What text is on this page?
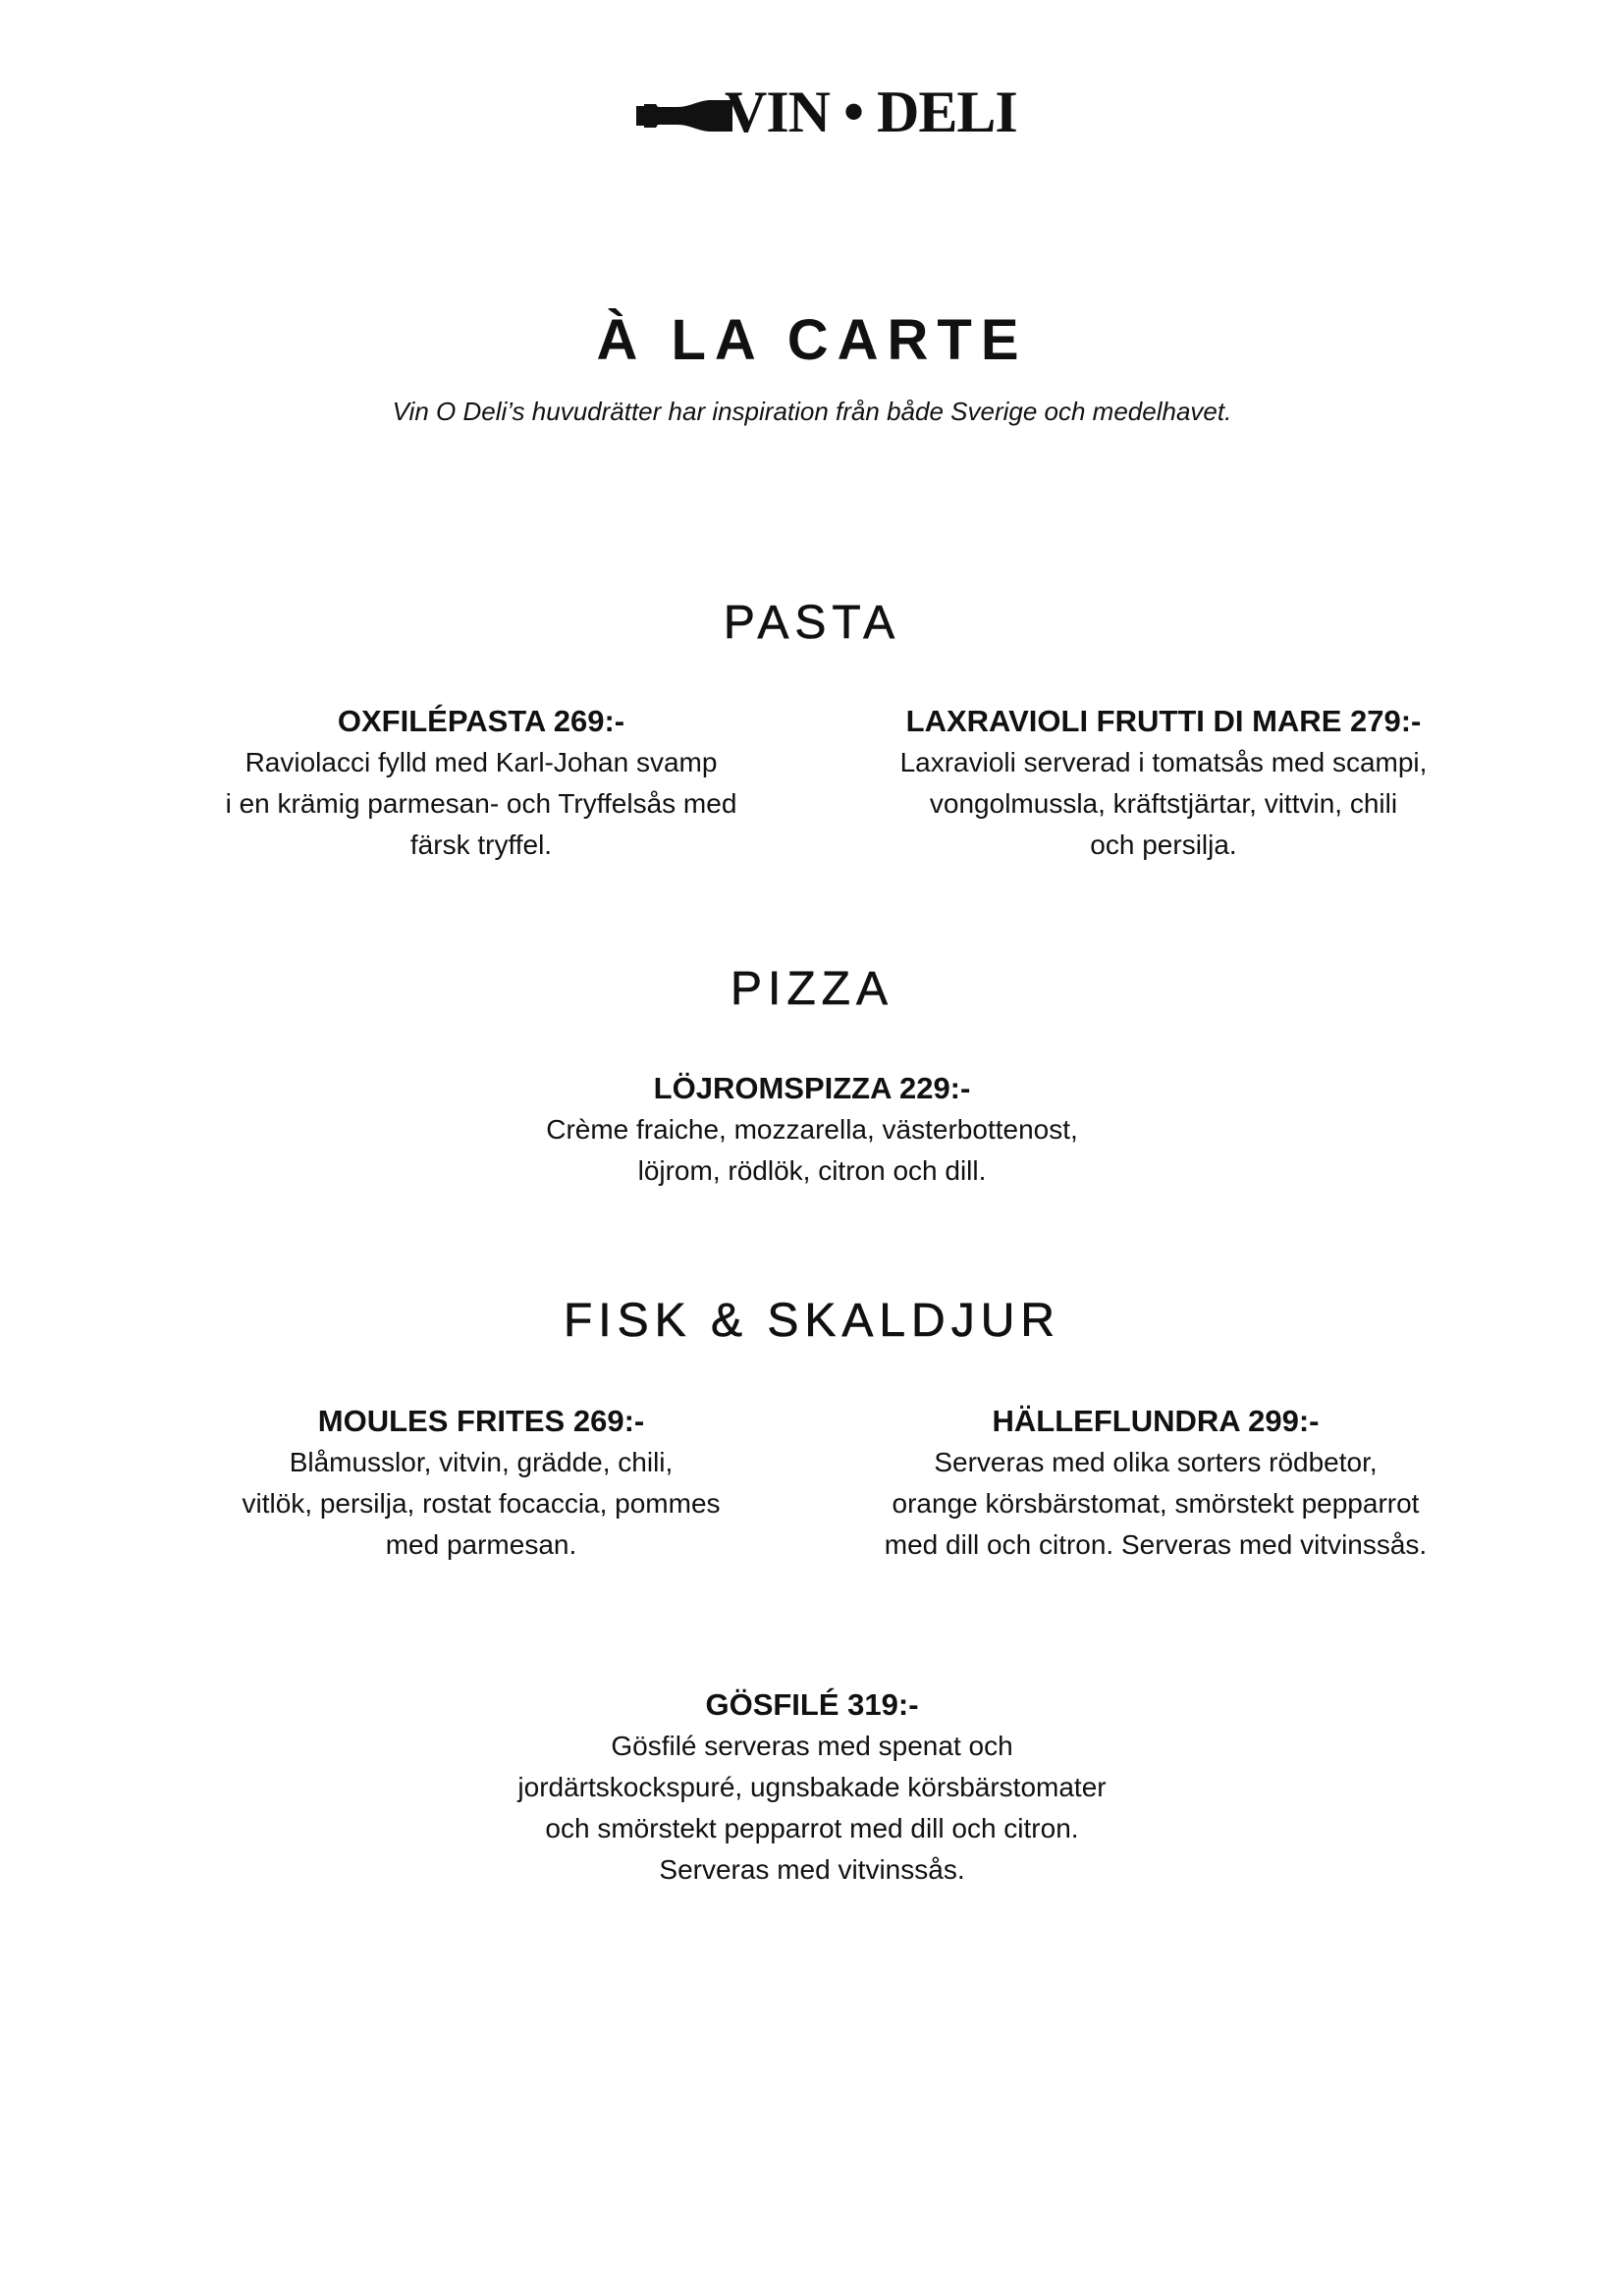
VIN • DELI
À LA CARTE

Vin O Deli’s huvudrätter har inspiration från både Sverige och medelhavet.

PASTA

OXFILÉPASTA 269:-

Raviolacci fylld med Karl-Johan svamp
i en krämig parmesan- och Tryffelsås med
färsk tryffel.

LAXRAVIOLI FRUTTI DI MARE 279:-

Laxravioli serverad i tomatsås med scampi,
vongolmussla, kräftstjärtar, vittvin, chili
och persilja.

PIZZA

LÖJROMSPIZZA 229:-

Crème fraiche, mozzarella, västerbottenost,
löjrom, rödlök, citron och dill.

FISK & SKALDJUR

MOULES FRITES 269:-

Blåmusslor, vitvin, grädde, chili,
vitlök, persilja, rostat focaccia, pommes
med parmesan.

HÄLLEFLUNDRA 299:-

Serveras med olika sorters rödbetor,
orange körsbärstomat, smörstekt pepparrot
med dill och citron. Serveras med vitvinssås.

GÖSFILÉ 319:-

Gösfilé serveras med spenat och
jordärtskockspuré, ugnsbakade körsbärstomater
och smörstekt pepparrot med dill och citron.
Serveras med vitvinssås.
